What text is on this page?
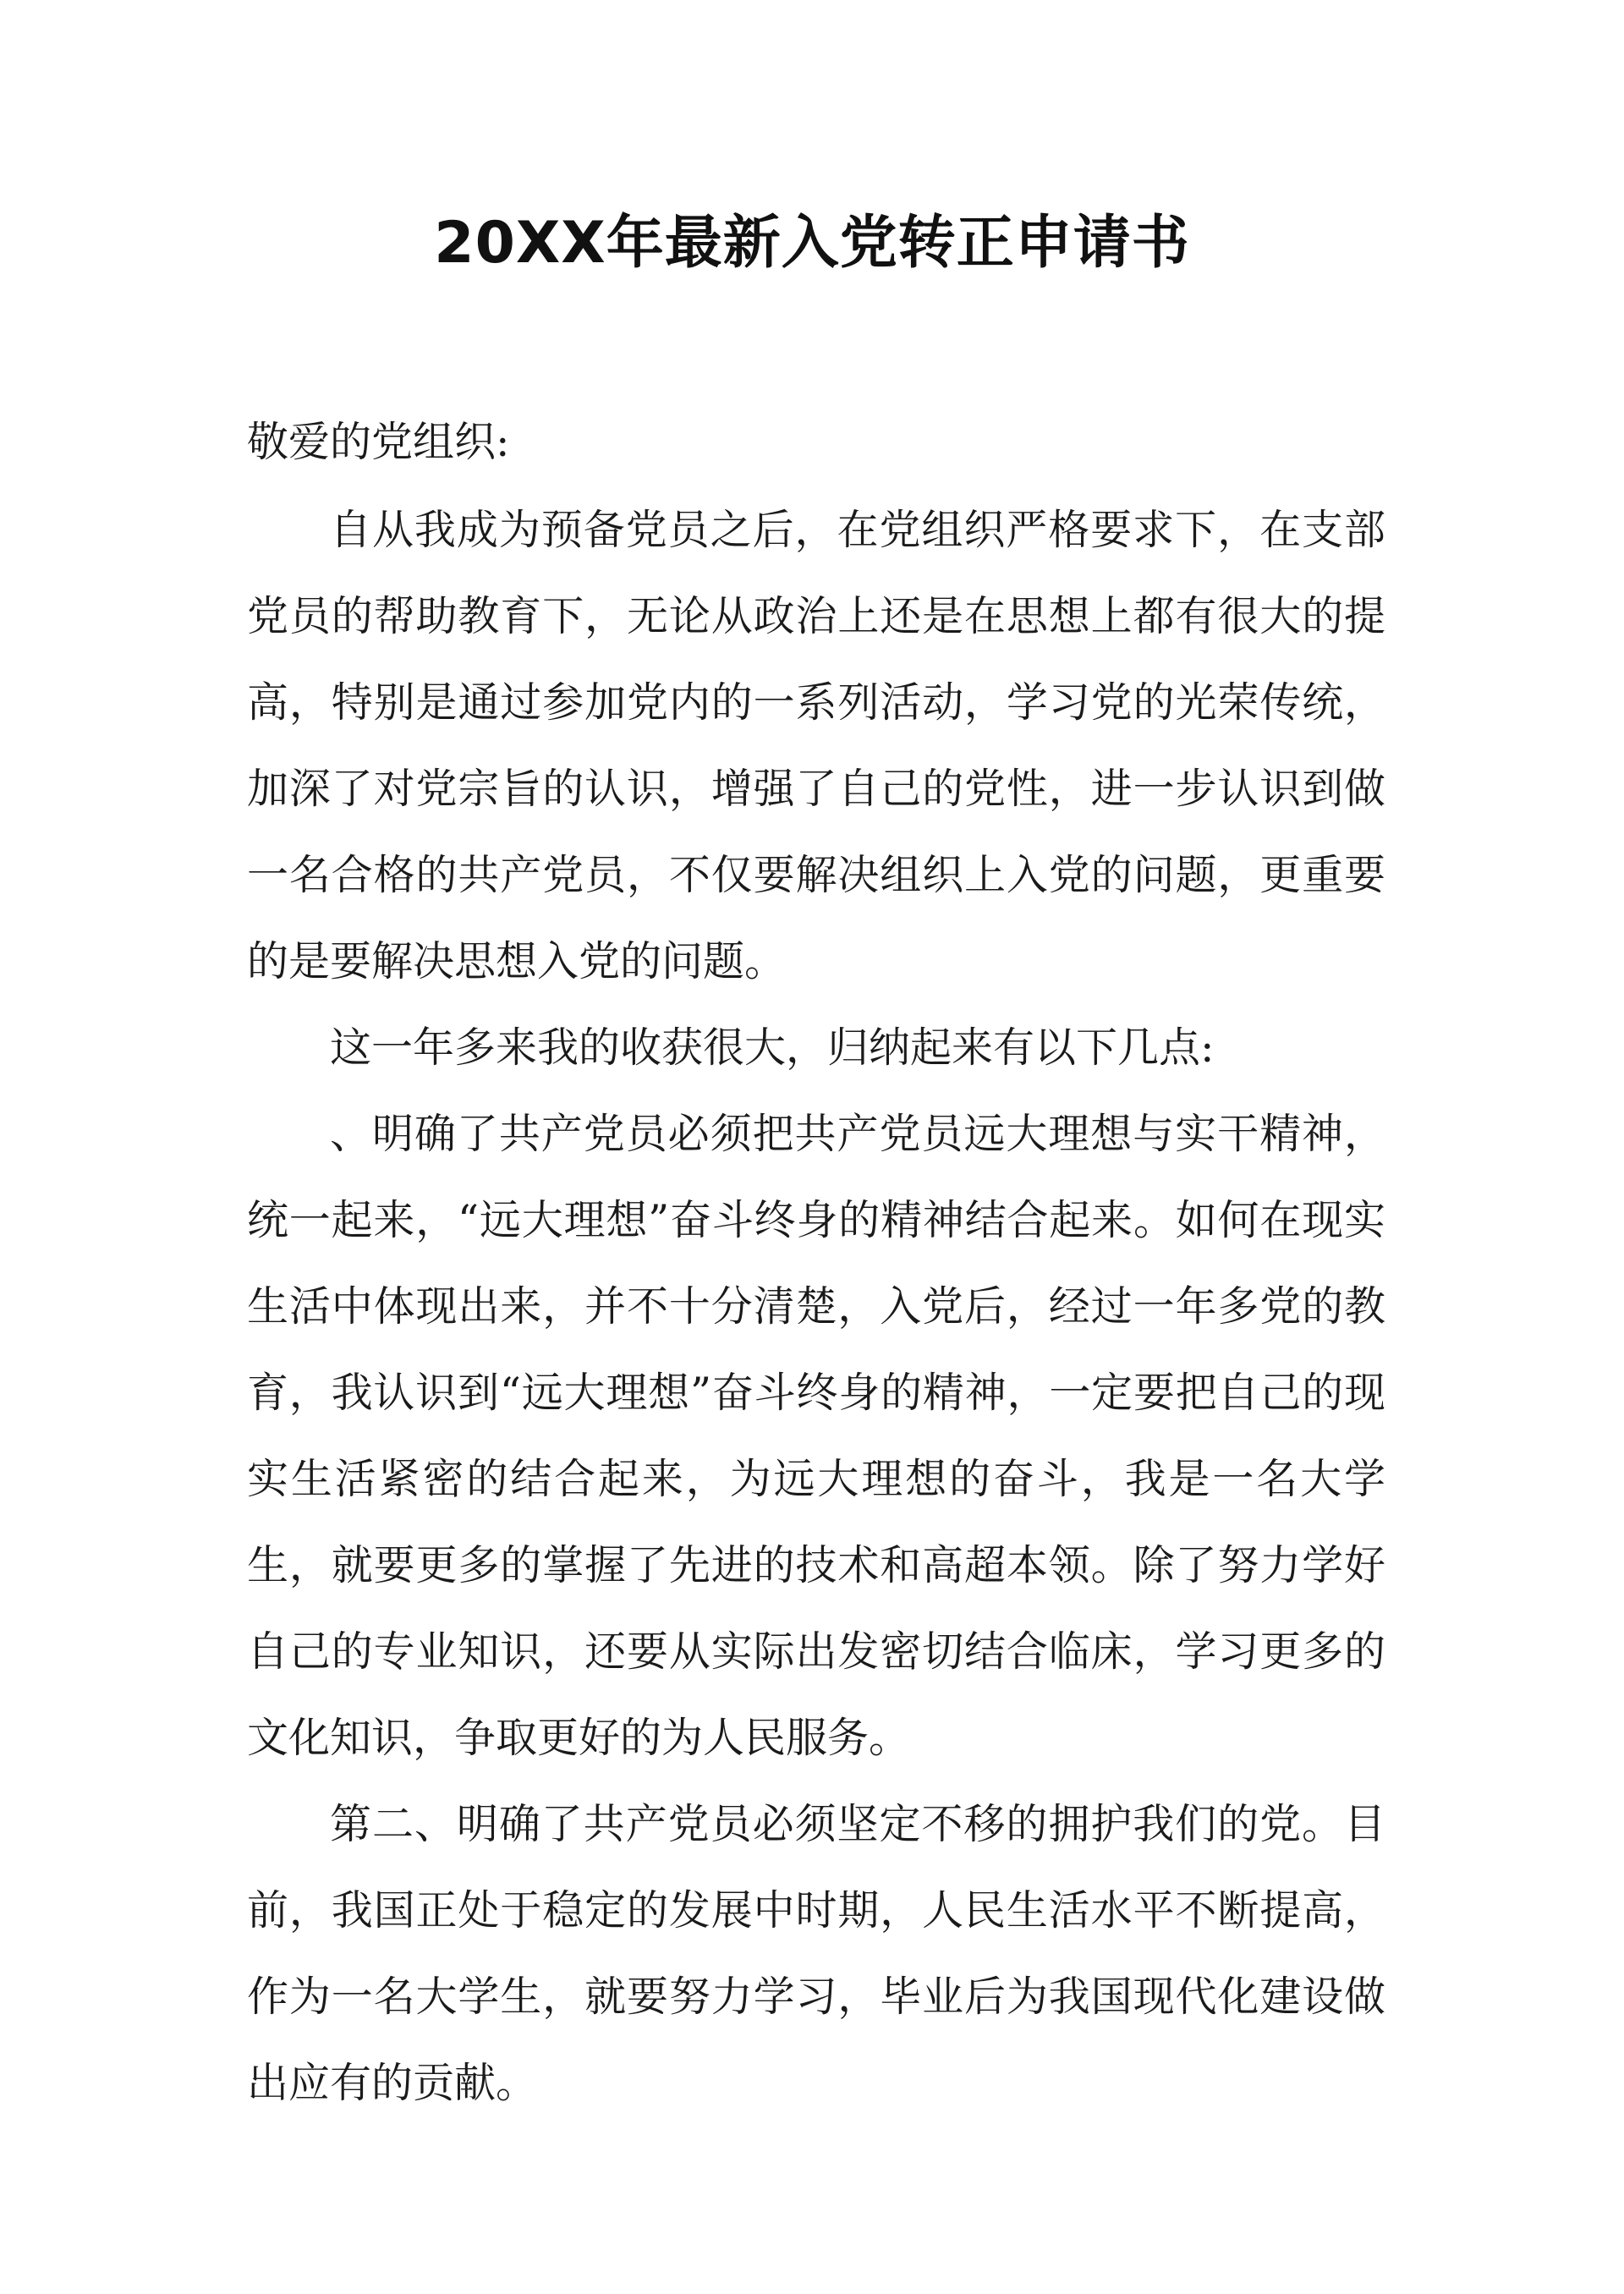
20XX年最新入党转正申请书

敬爱的党组织:

自从我成为预备党员之后，在党组织严格要求下，在支部党员的帮助教育下，无论从政治上还是在思想上都有很大的提高，特别是通过参加党内的一系列活动，学习党的光荣传统，加深了对党宗旨的认识，增强了自己的党性，进一步认识到做一名合格的共产党员，不仅要解决组织上入党的问题，更重要的是要解决思想入党的问题。

这一年多来我的收获很大，归纳起来有以下几点:

、明确了共产党员必须把共产党员远大理想与实干精神，统一起来，“远大理想”奋斗终身的精神结合起来。如何在现实生活中体现出来，并不十分清楚，入党后，经过一年多党的教育，我认识到“远大理想”奋斗终身的精神，一定要把自己的现实生活紧密的结合起来，为远大理想的奋斗，我是一名大学生，就要更多的掌握了先进的技术和高超本领。除了努力学好自己的专业知识，还要从实际出发密切结合临床，学习更多的文化知识，争取更好的为人民服务。

第二、明确了共产党员必须坚定不移的拥护我们的党。目前，我国正处于稳定的发展中时期，人民生活水平不断提高，作为一名大学生，就要努力学习，毕业后为我国现代化建设做出应有的贡献。
